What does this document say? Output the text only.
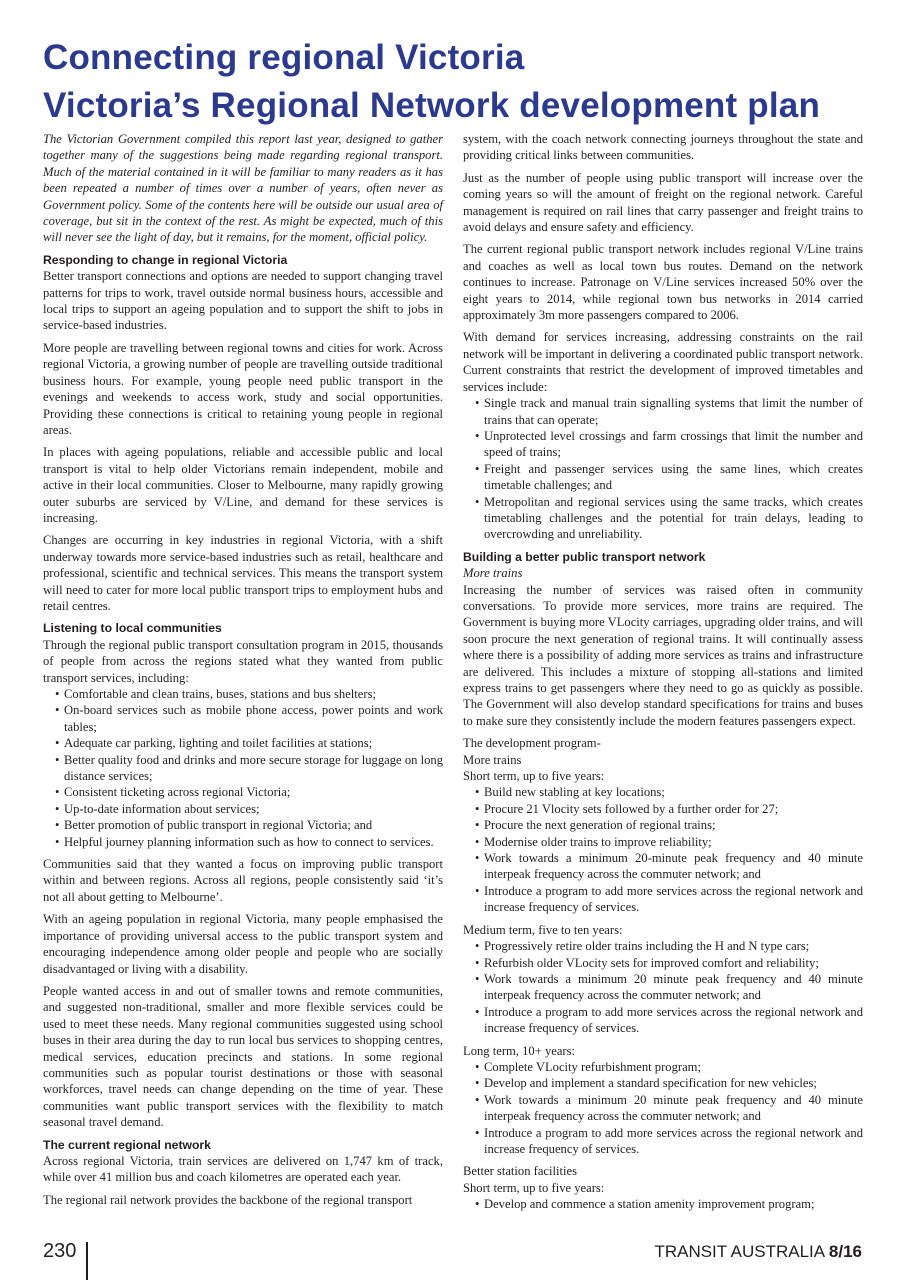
Connecting regional Victoria
Victoria’s Regional Network development plan

The Victorian Government compiled this report last year, designed to gather together many of the suggestions being made regarding regional transport. Much of the material contained in it will be familiar to many readers as it has been repeated a number of times over a number of years, often never as Government policy. Some of the contents here will be outside our usual area of coverage, but sit in the context of the rest. As might be expected, much of this will never see the light of day, but it remains, for the moment, official policy.

Responding to change in regional Victoria

Better transport connections and options are needed to support changing travel patterns for trips to work, travel outside normal business hours, accessible and local trips to support an ageing population and to support the shift to jobs in service-based industries.

More people are travelling between regional towns and cities for work. Across regional Victoria, a growing number of people are travelling outside traditional business hours. For example, young people need public transport in the evenings and weekends to access work, study and social opportunities. Providing these connections is critical to retaining young people in regional areas.

In places with ageing populations, reliable and accessible public and local transport is vital to help older Victorians remain independent, mobile and active in their local communities. Closer to Melbourne, many rapidly growing outer suburbs are serviced by V/Line, and demand for these services is increasing.

Changes are occurring in key industries in regional Victoria, with a shift underway towards more service-based industries such as retail, healthcare and professional, scientific and technical services. This means the transport system will need to cater for more local public transport trips to employment hubs and retail centres.

Listening to local communities

Through the regional public transport consultation program in 2015, thousands of people from across the regions stated what they wanted from public transport services, including:

• Comfortable and clean trains, buses, stations and bus shelters;
• On-board services such as mobile phone access, power points and work tables;
• Adequate car parking, lighting and toilet facilities at stations;
• Better quality food and drinks and more secure storage for luggage on long distance services;
• Consistent ticketing across regional Victoria;
• Up-to-date information about services;
• Better promotion of public transport in regional Victoria; and
• Helpful journey planning information such as how to connect to services.

Communities said that they wanted a focus on improving public transport within and between regions. Across all regions, people consistently said ‘it’s not all about getting to Melbourne’.

With an ageing population in regional Victoria, many people emphasised the importance of providing universal access to the public transport system and encouraging independence among older people and people who are socially disadvantaged or living with a disability.

People wanted access in and out of smaller towns and remote communities, and suggested non-traditional, smaller and more flexible services could be used to meet these needs. Many regional communities suggested using school buses in their area during the day to run local bus services to shopping centres, medical services, education precincts and stations. In some regional communities such as popular tourist destinations or those with seasonal workforces, travel needs can change depending on the time of year. These communities want public transport services with the flexibility to match seasonal travel demand.

The current regional network

Across regional Victoria, train services are delivered on 1,747 km of track, while over 41 million bus and coach kilometres are operated each year.

The regional rail network provides the backbone of the regional transport

system, with the coach network connecting journeys throughout the state and providing critical links between communities.

Just as the number of people using public transport will increase over the coming years so will the amount of freight on the regional network. Careful management is required on rail lines that carry passenger and freight trains to avoid delays and ensure safety and efficiency.

The current regional public transport network includes regional V/Line trains and coaches as well as local town bus routes. Demand on the network continues to increase. Patronage on V/Line services increased 50% over the eight years to 2014, while regional town bus networks in 2014 carried approximately 3m more passengers compared to 2006.

With demand for services increasing, addressing constraints on the rail network will be important in delivering a coordinated public transport network. Current constraints that restrict the development of improved timetables and services include:

• Single track and manual train signalling systems that limit the number of trains that can operate;
• Unprotected level crossings and farm crossings that limit the number and speed of trains;
• Freight and passenger services using the same lines, which creates timetable challenges; and
• Metropolitan and regional services using the same tracks, which creates timetabling challenges and the potential for train delays, leading to overcrowding and unreliability.
Building a better public transport network

More trains

Increasing the number of services was raised often in community conversations. To provide more services, more trains are required. The Government is buying more VLocity carriages, upgrading older trains, and will soon procure the next generation of regional trains. It will continually assess where there is a possibility of adding more services as trains and infrastructure are delivered. This includes a mixture of stopping all-stations and limited express trains to get passengers where they need to go as quickly as possible. The Government will also develop standard specifications for trains and buses to make sure they consistently include the modern features passengers expect.

The development program-

More trains

Short term, up to five years:

• Build new stabling at key locations;
• Procure 21 Vlocity sets followed by a further order for 27;
• Procure the next generation of regional trains;
• Modernise older trains to improve reliability;
• Work towards a minimum 20-minute peak frequency and 40 minute interpeak frequency across the commuter network; and
• Introduce a program to add more services across the regional network and increase frequency of services.

Medium term, five to ten years:

• Progressively retire older trains including the H and N type cars;
• Refurbish older VLocity sets for improved comfort and reliability;
• Work towards a minimum 20 minute peak frequency and 40 minute interpeak frequency across the commuter network; and
• Introduce a program to add more services across the regional network and increase frequency of services.

Long term, 10+ years:

• Complete VLocity refurbishment program;
• Develop and implement a standard specification for new vehicles;
• Work towards a minimum 20 minute peak frequency and 40 minute interpeak frequency across the commuter network; and
• Introduce a program to add more services across the regional network and increase frequency of services.

Better station facilities

Short term, up to five years:

• Develop and commence a station amenity improvement program;
230	TRANSIT AUSTRALIA 8/16
